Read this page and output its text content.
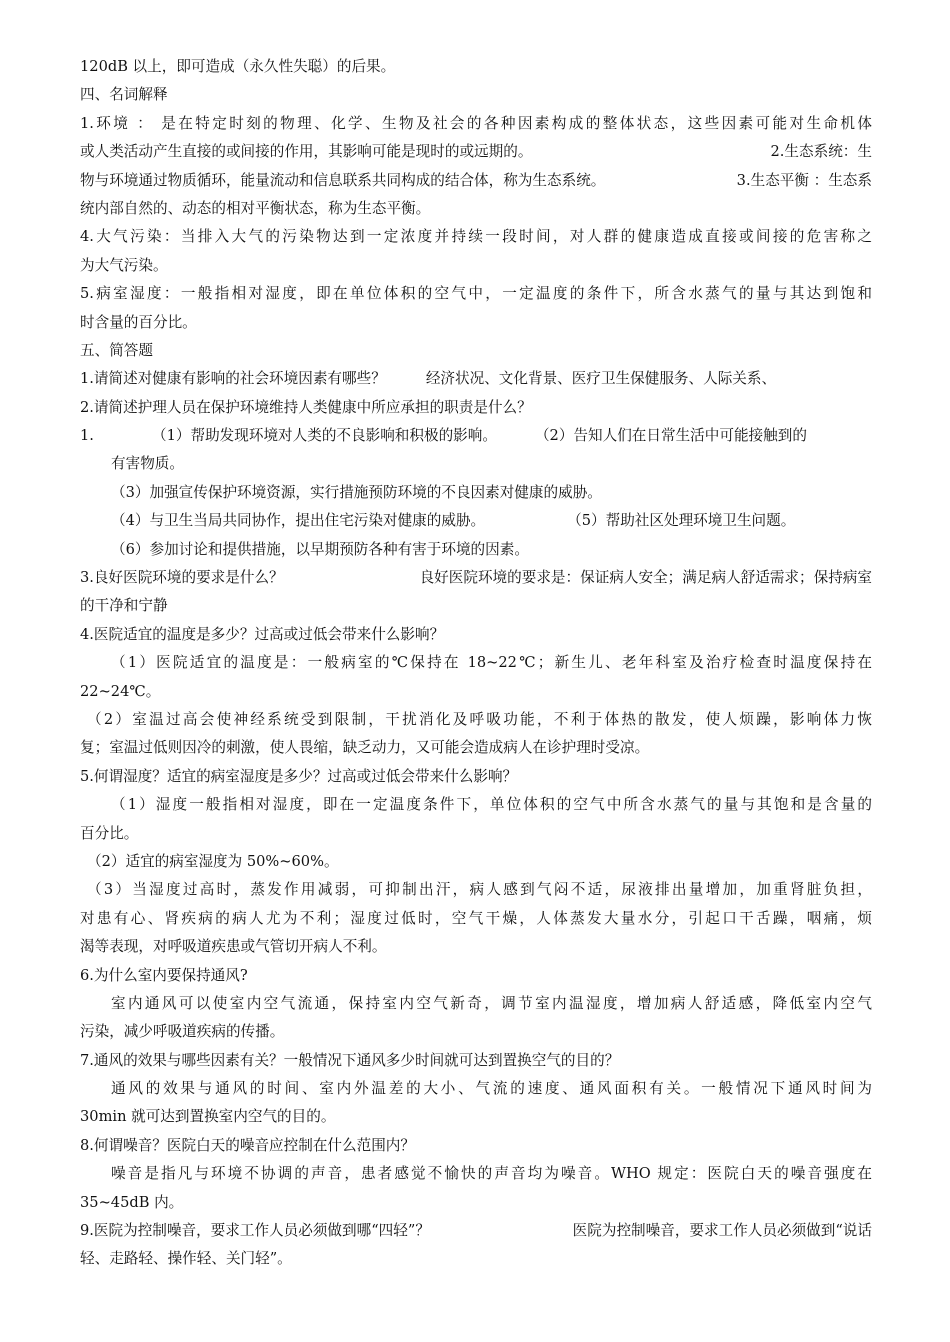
120dB 以上，即可造成（永久性失聪）的后果。
四、名词解释
1.环境 ： 是在特定时刻的物理、化学、生物及社会的各种因素构成的整体状态，这些因素可能对生命机体
或人类活动产生直接的或间接的作用，其影响可能是现时的或远期的。	2.生态系统：生
物与环境通过物质循环，能量流动和信息联系共同构成的结合体，称为生态系统。	3.生态平衡 ：生态系
统内部自然的、动态的相对平衡状态，称为生态平衡。
4.大气污染：当排入大气的污染物达到一定浓度并持续一段时间，对人群的健康造成直接或间接的危害称之
为大气污染。
5.病室湿度：一般指相对湿度，即在单位体积的空气中，一定温度的条件下，所含水蒸气的量与其达到饱和
时含量的百分比。
五、简答题
1.请简述对健康有影响的社会环境因素有哪些？	经济状况、文化背景、医疗卫生保健服务、人际关系、
2.请简述护理人员在保护环境维持人类健康中所应承担的职责是什么？
1.	（1）帮助发现环境对人类的不良影响和积极的影响。	（2）告知人们在日常生活中可能接触到的
有害物质。
（3）加强宣传保护环境资源，实行措施预防环境的不良因素对健康的威胁。
（4）与卫生当局共同协作，提出住宅污染对健康的威胁。	（5）帮助社区处理环境卫生问题。
（6）参加讨论和提供措施，以早期预防各种有害于环境的因素。
3.良好医院环境的要求是什么？	良好医院环境的要求是：保证病人安全；满足病人舒适需求；保持病室
的干净和宁静
4.医院适宜的温度是多少？过高或过低会带来什么影响？
（1）医院适宜的温度是：一般病室的℃保持在 18~22℃；新生儿、老年科室及治疗检查时温度保持在
22~24℃。
（2）室温过高会使神经系统受到限制，干扰消化及呼吸功能，不利于体热的散发，使人烦躁，影响体力恢
复；室温过低则因冷的刺激，使人畏缩，缺乏动力，又可能会造成病人在诊护理时受凉。
5.何谓湿度？适宜的病室湿度是多少？过高或过低会带来什么影响？
（1）湿度一般指相对湿度，即在一定温度条件下，单位体积的空气中所含水蒸气的量与其饱和是含量的
百分比。
（2）适宜的病室湿度为 50%~60%。
（3）当湿度过高时，蒸发作用减弱，可抑制出汗，病人感到气闷不适，尿液排出量增加，加重肾脏负担，
对患有心、肾疾病的病人尤为不利；湿度过低时，空气干燥，人体蒸发大量水分，引起口干舌躁，咽痛，烦
渴等表现，对呼吸道疾患或气管切开病人不利。
6.为什么室内要保持通风?
室内通风可以使室内空气流通，保持室内空气新奇，调节室内温湿度，增加病人舒适感，降低室内空气
污染，减少呼吸道疾病的传播。
7.通风的效果与哪些因素有关？一般情况下通风多少时间就可达到置换空气的目的？
通风的效果与通风的时间、室内外温差的大小、气流的速度、通风面积有关。一般情况下通风时间为
30min 就可达到置换室内空气的目的。
8.何谓噪音？医院白天的噪音应控制在什么范围内？
噪音是指凡与环境不协调的声音，患者感觉不愉快的声音均为噪音。WHO 规定：医院白天的噪音强度在
35~45dB 内。
9.医院为控制噪音，要求工作人员必须做到哪“四轻”？	医院为控制噪音，要求工作人员必须做到“说话
轻、走路轻、操作轻、关门轻”。
